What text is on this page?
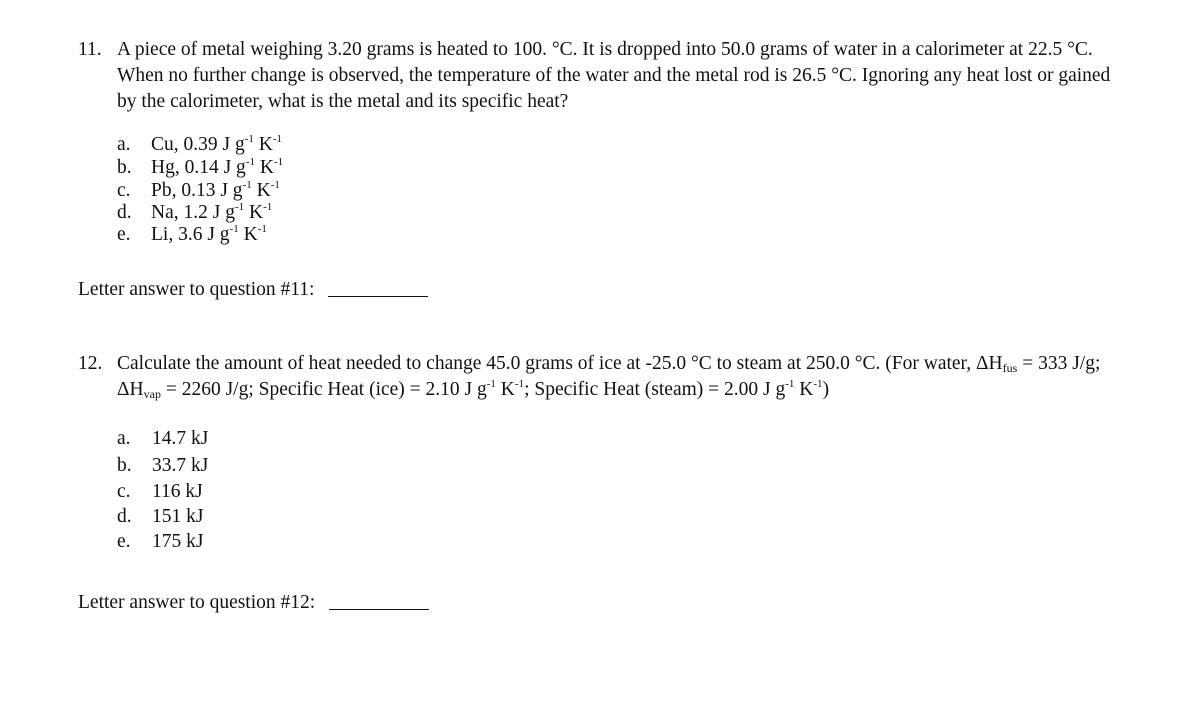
11. A piece of metal weighing 3.20 grams is heated to 100. °C. It is dropped into 50.0 grams of water in a calorimeter at 22.5 °C.
When no further change is observed, the temperature of the water and the metal rod is 26.5 °C. Ignoring any heat lost or gained
by the calorimeter, what is the metal and its specific heat?
a. Cu, 0.39 J $g^{-1}$ $K^{-1}$
b. Hg, 0.14 J $g^{-1}$ $K^{-1}$
c. Pb, 0.13 J $g^{-1}$ $K^{-1}$
d. Na, 1.2 J $g^{-1}$ $K^{-1}$
e. Li, 3.6 J $g^{-1}$ $K^{-1}$
Letter answer to question #11:
12. Calculate the amount of heat needed to change 45.0 grams of ice at -25.0 °C to steam at 250.0 °C. (For water, $\Delta H_{fus} = 333$ J/g;
$\Delta H_{vap} = 2260$ J/g; Specific Heat (ice) = 2.10 J $g^{-1}$ $K^{-1}$; Specific Heat (steam) = 2.00 J $g^{-1}$ $K^{-1}$)
a. 14.7 kJ
b. 33.7 kJ
c. 116 kJ
d. 151 kJ
e. 175 kJ
Letter answer to question #12:
